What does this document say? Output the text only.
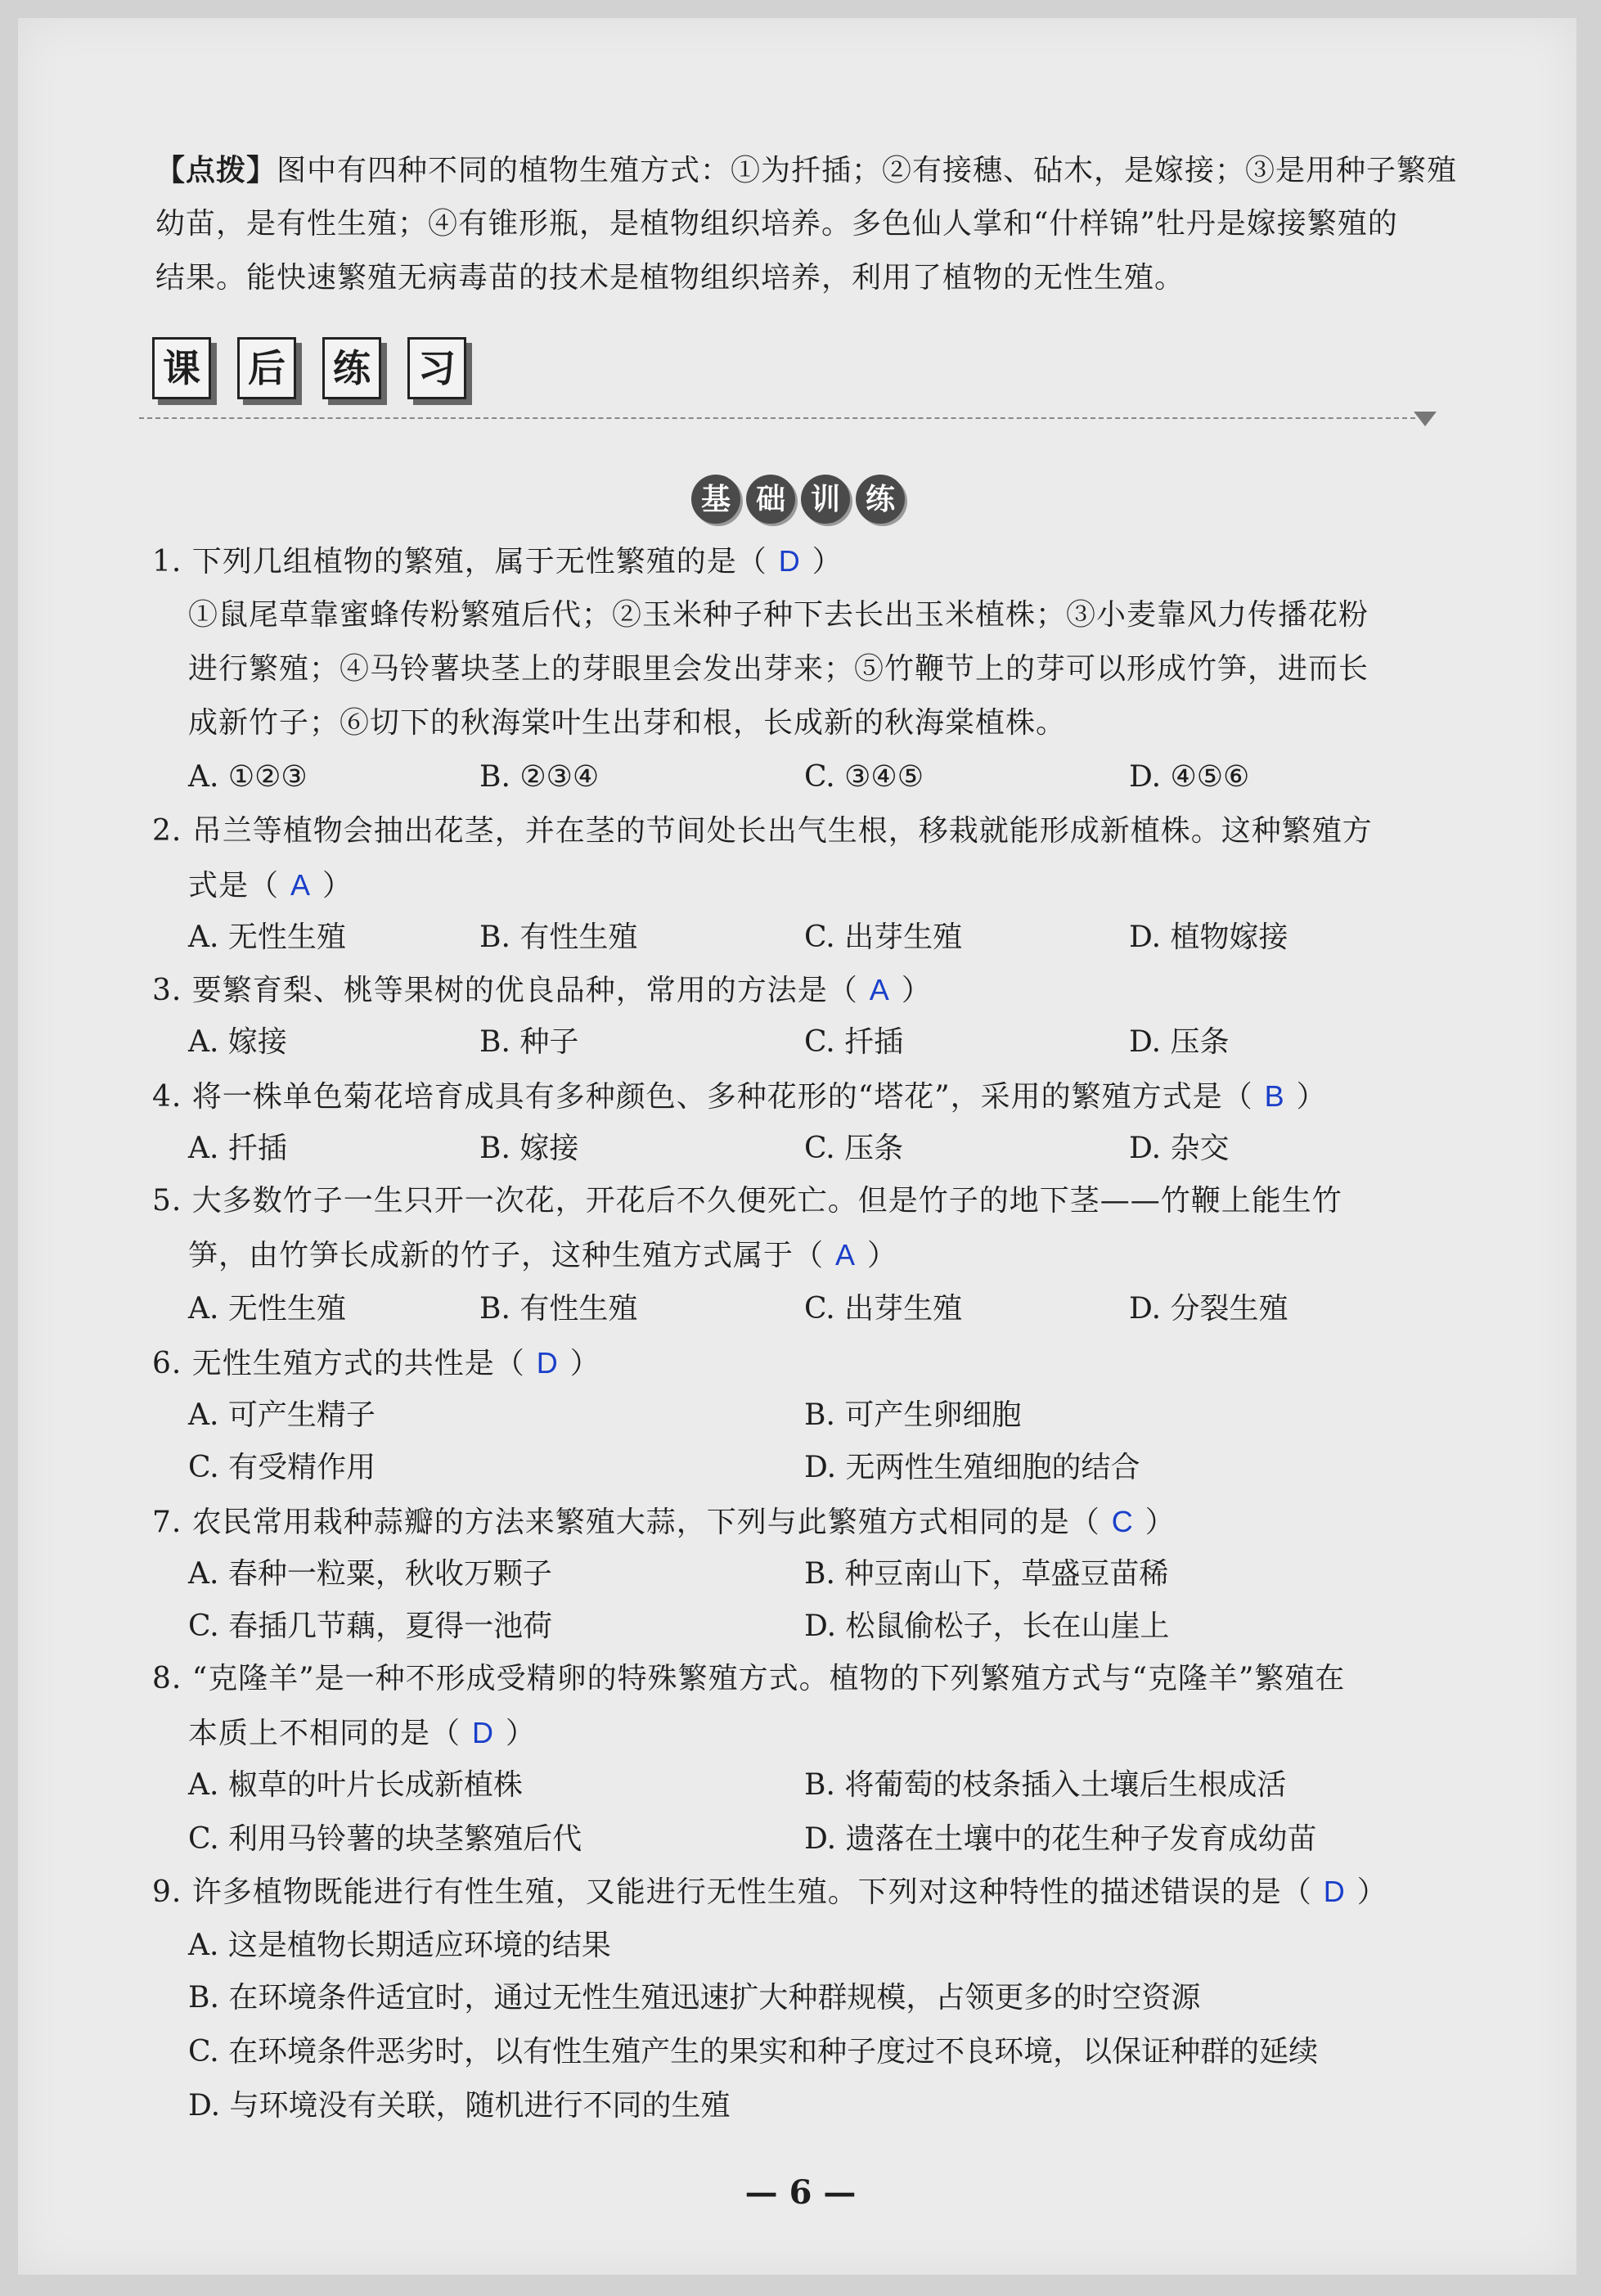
【点拨】图中有四种不同的植物生殖方式：①为扦插；②有接穗、砧木，是嫁接；③是用种子繁殖
幼苗，是有性生殖；④有锥形瓶，是植物组织培养。多色仙人掌和“什样锦”牡丹是嫁接繁殖的
结果。能快速繁殖无病毒苗的技术是植物组织培养，利用了植物的无性生殖。
课 后 练 习
基 础 训 练
1. 下列几组植物的繁殖，属于无性繁殖的是（ D ）
①鼠尾草靠蜜蜂传粉繁殖后代；②玉米种子种下去长出玉米植株；③小麦靠风力传播花粉
进行繁殖；④马铃薯块茎上的芽眼里会发出芽来；⑤竹鞭节上的芽可以形成竹笋，进而长
成新竹子；⑥切下的秋海棠叶生出芽和根，长成新的秋海棠植株。
A. ①②③	B. ②③④	C. ③④⑤	D. ④⑤⑥
2. 吊兰等植物会抽出花茎，并在茎的节间处长出气生根，移栽就能形成新植株。这种繁殖方
式是（ A ）
A. 无性生殖	B. 有性生殖	C. 出芽生殖	D. 植物嫁接
3. 要繁育梨、桃等果树的优良品种，常用的方法是（ A ）
A. 嫁接	B. 种子	C. 扦插	D. 压条
4. 将一株单色菊花培育成具有多种颜色、多种花形的“塔花”，采用的繁殖方式是（ B ）
A. 扦插	B. 嫁接	C. 压条	D. 杂交
5. 大多数竹子一生只开一次花，开花后不久便死亡。但是竹子的地下茎——竹鞭上能生竹
笋，由竹笋长成新的竹子，这种生殖方式属于（ A ）
A. 无性生殖	B. 有性生殖	C. 出芽生殖	D. 分裂生殖
6. 无性生殖方式的共性是（ D ）
A. 可产生精子	B. 可产生卵细胞
C. 有受精作用	D. 无两性生殖细胞的结合
7. 农民常用栽种蒜瓣的方法来繁殖大蒜，下列与此繁殖方式相同的是（ C ）
A. 春种一粒粟，秋收万颗子	B. 种豆南山下，草盛豆苗稀
C. 春插几节藕，夏得一池荷	D. 松鼠偷松子，长在山崖上
8. “克隆羊”是一种不形成受精卵的特殊繁殖方式。植物的下列繁殖方式与“克隆羊”繁殖在
本质上不相同的是（ D ）
A. 椒草的叶片长成新植株	B. 将葡萄的枝条插入土壤后生根成活
C. 利用马铃薯的块茎繁殖后代	D. 遗落在土壤中的花生种子发育成幼苗
9. 许多植物既能进行有性生殖，又能进行无性生殖。下列对这种特性的描述错误的是（ D ）
A. 这是植物长期适应环境的结果
B. 在环境条件适宜时，通过无性生殖迅速扩大种群规模，占领更多的时空资源
C. 在环境条件恶劣时，以有性生殖产生的果实和种子度过不良环境，以保证种群的延续
D. 与环境没有关联，随机进行不同的生殖
— 6 —
